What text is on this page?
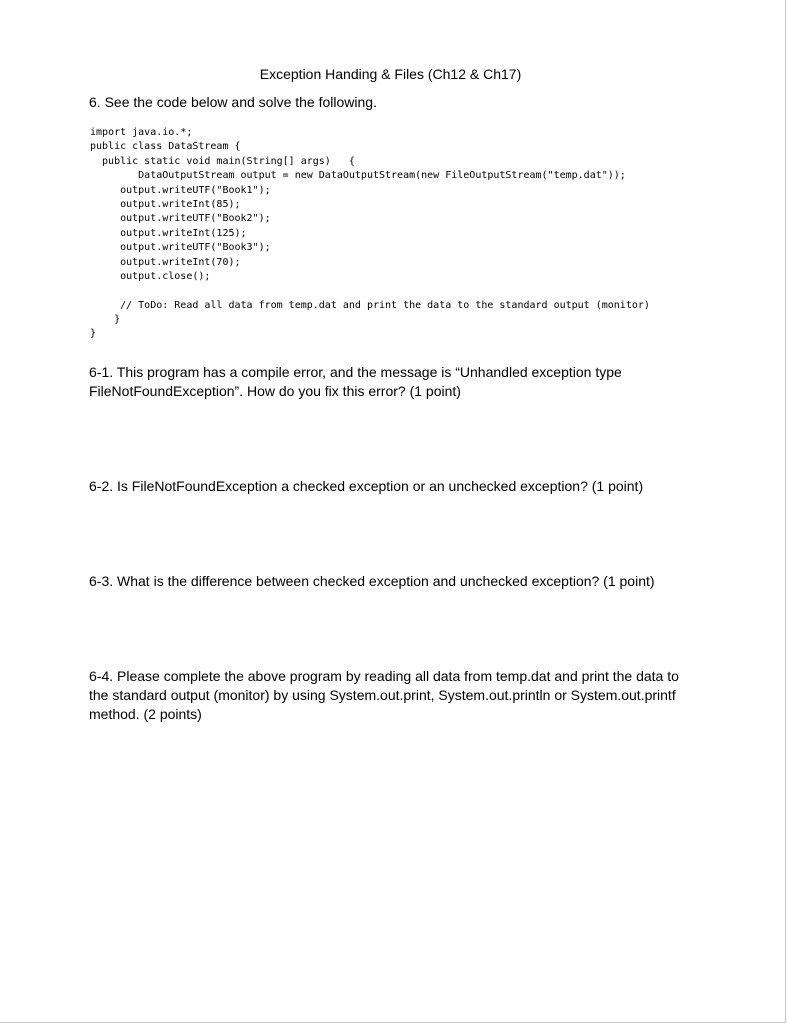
Exception Handing & Files (Ch12 & Ch17)
6. See the code below and solve the following.
import java.io.*;
public class DataStream {
public static void main(String[] args)   {
DataOutputStream output = new DataOutputStream(new FileOutputStream("temp.dat"));
output.writeUTF("Book1");
output.writeInt(85);
output.writeUTF("Book2");
output.writeInt(125);
output.writeUTF("Book3");
output.writeInt(70);
output.close();
// ToDo: Read all data from temp.dat and print the data to the standard output (monitor)
}
}
6-1. This program has a compile error, and the message is “Unhandled exception type FileNotFoundException”. How do you fix this error? (1 point)
6-2. Is FileNotFoundException a checked exception or an unchecked exception? (1 point)
6-3. What is the difference between checked exception and unchecked exception? (1 point)
6-4. Please complete the above program by reading all data from temp.dat and print the data to the standard output (monitor) by using System.out.print, System.out.println or System.out.printf method. (2 points)
